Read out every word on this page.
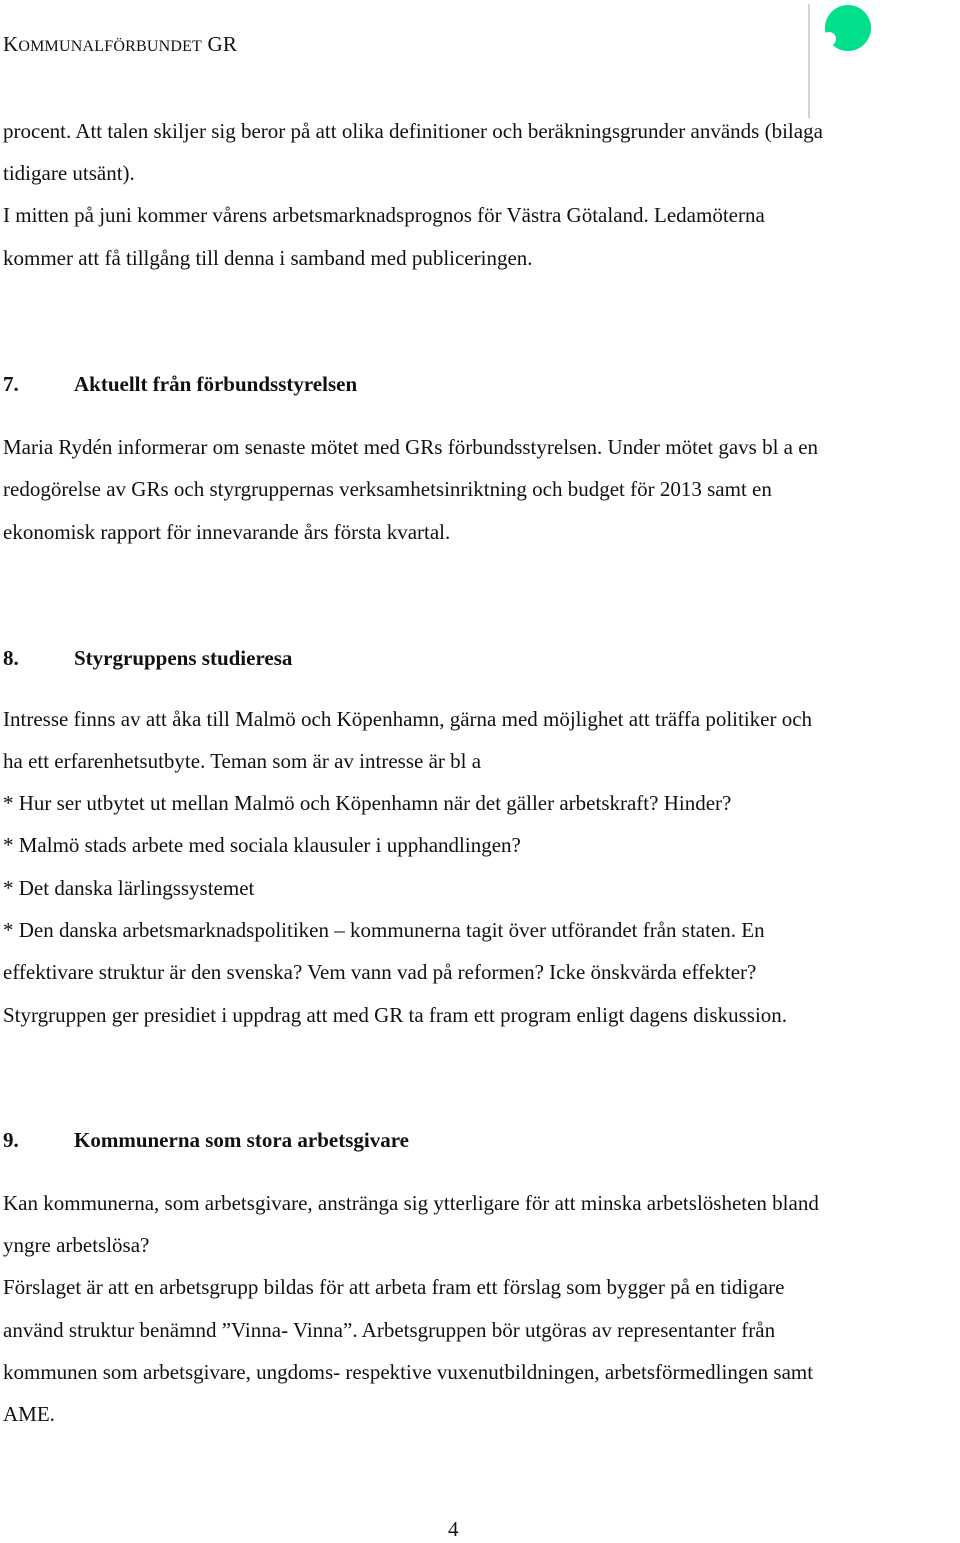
KOMMUNALFÖRBUNDET GR
procent. Att talen skiljer sig beror på att olika definitioner och beräkningsgrunder används (bilaga
tidigare utsänt).
I mitten på juni kommer vårens arbetsmarknadsprognos för Västra Götaland. Ledamöterna
kommer att få tillgång till denna i samband med publiceringen.
7.	Aktuellt från förbundsstyrelsen
Maria Rydén informerar om senaste mötet med GRs förbundsstyrelsen. Under mötet gavs bl a en
redogörelse av GRs och styrgruppernas verksamhetsinriktning och budget för 2013 samt en
ekonomisk rapport för innevarande års första kvartal.
8.	Styrgruppens studieresa
Intresse finns av att åka till Malmö och Köpenhamn, gärna med möjlighet att träffa politiker och
ha ett erfarenhetsutbyte. Teman som är av intresse är bl a
* Hur ser utbytet ut mellan Malmö och Köpenhamn när det gäller arbetskraft? Hinder?
* Malmö stads arbete med sociala klausuler i upphandlingen?
* Det danska lärlingssystemet
* Den danska arbetsmarknadspolitiken – kommunerna tagit över utförandet från staten. En
effektivare struktur är den svenska? Vem vann vad på reformen? Icke önskvärda effekter?
Styrgruppen ger presidiet i uppdrag att med GR ta fram ett program enligt dagens diskussion.
9.	Kommunerna som stora arbetsgivare
Kan kommunerna, som arbetsgivare, anstränga sig ytterligare för att minska arbetslösheten bland
yngre arbetslösa?
Förslaget är att en arbetsgrupp bildas för att arbeta fram ett förslag som bygger på en tidigare
använd struktur benämnd ”Vinna- Vinna”. Arbetsgruppen bör utgöras av representanter från
kommunen som arbetsgivare, ungdoms- respektive vuxenutbildningen, arbetsförmedlingen samt
AME.
4
